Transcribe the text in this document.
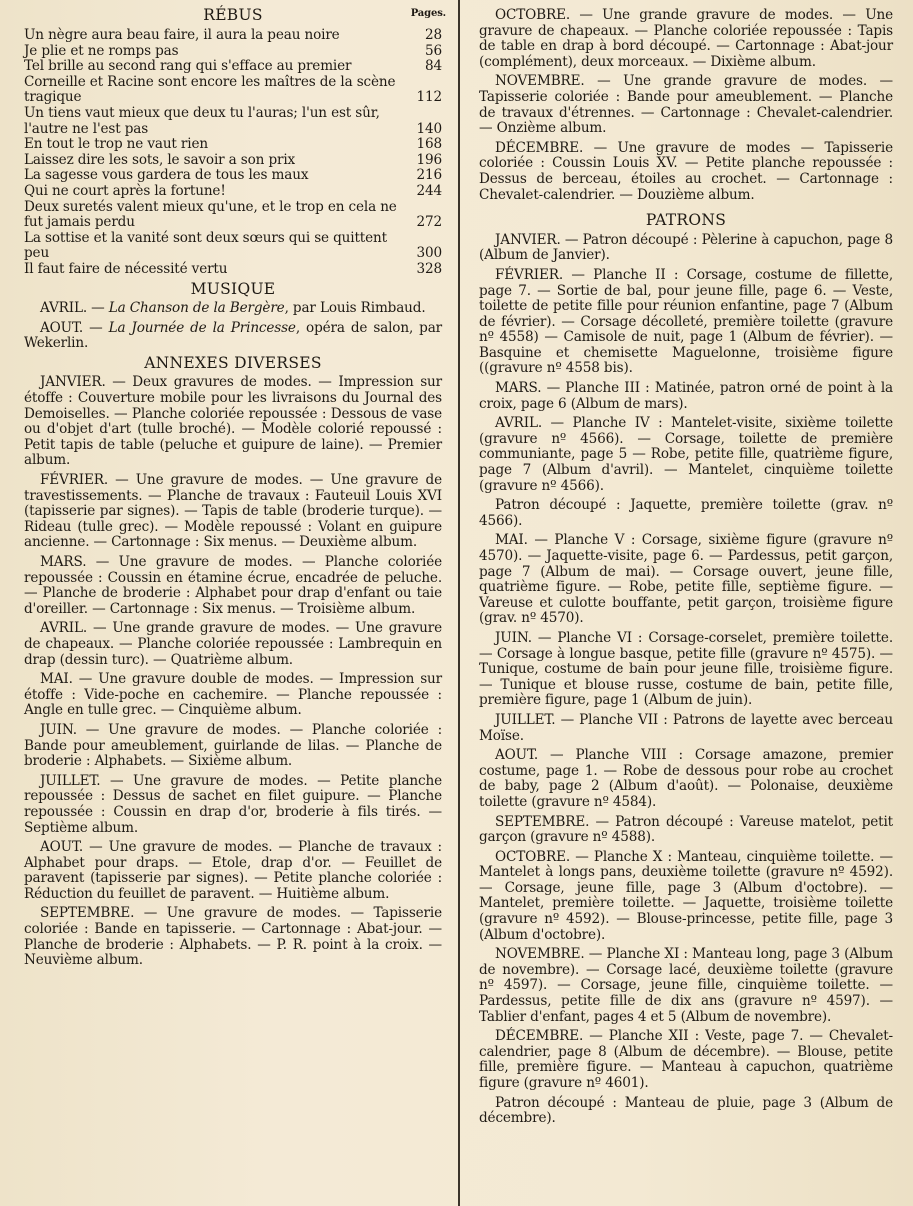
RÉBUS	Pages.
Un nègre aura beau faire, il aura la peau noire	28
Je plie et ne romps pas	56
Tel brille au second rang qui s'efface au premier	84
Corneille et Racine sont encore les maîtres de la scène tragique	112
Un tiens vaut mieux que deux tu l'auras; l'un est sûr, l'autre ne l'est pas	140
En tout le trop ne vaut rien	168
Laissez dire les sots, le savoir a son prix	196
La sagesse vous gardera de tous les maux	216
Qui ne court après la fortune!	244
Deux suretés valent mieux qu'une, et le trop en cela ne fut jamais perdu	272
La sottise et la vanité sont deux sœurs qui se quittent peu	300
Il faut faire de nécessité vertu	328
MUSIQUE

AVRIL. — La Chanson de la Bergère, par Louis Rimbaud.

AOUT. — La Journée de la Princesse, opéra de salon, par Wekerlin.

ANNEXES DIVERSES

JANVIER. — Deux gravures de modes. — Impression sur étoffe : Couverture mobile pour les livraisons du Journal des Demoiselles. — Planche coloriée repoussée : Dessous de vase ou d'objet d'art (tulle broché). — Modèle colorié repoussé : Petit tapis de table (peluche et guipure de laine). — Premier album.

FÉVRIER. — Une gravure de modes. — Une gravure de travestissements. — Planche de travaux : Fauteuil Louis XVI (tapisserie par signes). — Tapis de table (broderie turque). — Rideau (tulle grec). — Modèle repoussé : Volant en guipure ancienne. — Cartonnage : Six menus. — Deuxième album.

MARS. — Une gravure de modes. — Planche coloriée repoussée : Coussin en étamine écrue, encadrée de peluche. — Planche de broderie : Alphabet pour drap d'enfant ou taie d'oreiller. — Cartonnage : Six menus. — Troisième album.

AVRIL. — Une grande gravure de modes. — Une gravure de chapeaux. — Planche coloriée repoussée : Lambrequin en drap (dessin turc). — Quatrième album.

MAI. — Une gravure double de modes. — Impression sur étoffe : Vide-poche en cachemire. — Planche repoussée : Angle en tulle grec. — Cinquième album.

JUIN. — Une gravure de modes. — Planche coloriée : Bande pour ameublement, guirlande de lilas. — Planche de broderie : Alphabets. — Sixième album.

JUILLET. — Une gravure de modes. — Petite planche repoussée : Dessus de sachet en filet guipure. — Planche repoussée : Coussin en drap d'or, broderie à fils tirés. — Septième album.

AOUT. — Une gravure de modes. — Planche de travaux : Alphabet pour draps. — Etole, drap d'or. — Feuillet de paravent (tapisserie par signes). — Petite planche coloriée : Réduction du feuillet de paravent. — Huitième album.

SEPTEMBRE. — Une gravure de modes. — Tapisserie coloriée : Bande en tapisserie. — Cartonnage : Abat-jour. — Planche de broderie : Alphabets. — P. R. point à la croix. — Neuvième album.

OCTOBRE. — Une grande gravure de modes. — Une gravure de chapeaux. — Planche coloriée repoussée : Tapis de table en drap à bord découpé. — Cartonnage : Abat-jour (complément), deux morceaux. — Dixième album.

NOVEMBRE. — Une grande gravure de modes. — Tapisserie coloriée : Bande pour ameublement. — Planche de travaux d'étrennes. — Cartonnage : Chevalet-calendrier. — Onzième album.

DÉCEMBRE. — Une gravure de modes — Tapisserie coloriée : Coussin Louis XV. — Petite planche repoussée : Dessus de berceau, étoiles au crochet. — Cartonnage : Chevalet-calendrier. — Douzième album.

PATRONS

JANVIER. — Patron découpé : Pèlerine à capuchon, page 8 (Album de Janvier).

FÉVRIER. — Planche II : Corsage, costume de fillette, page 7. — Sortie de bal, pour jeune fille, page 6. — Veste, toilette de petite fille pour réunion enfantine, page 7 (Album de février). — Corsage décolleté, première toilette (gravure nº 4558) — Camisole de nuit, page 1 (Album de février). — Basquine et chemisette Maguelonne, troisième figure ((gravure nº 4558 bis).

MARS. — Planche III : Matinée, patron orné de point à la croix, page 6 (Album de mars).

AVRIL. — Planche IV : Mantelet-visite, sixième toilette (gravure nº 4566). — Corsage, toilette de première communiante, page 5 — Robe, petite fille, quatrième figure, page 7 (Album d'avril). — Mantelet, cinquième toilette (gravure nº 4566).

Patron découpé : Jaquette, première toilette (grav. nº 4566).

MAI. — Planche V : Corsage, sixième figure (gravure nº 4570). — Jaquette-visite, page 6. — Pardessus, petit garçon, page 7 (Album de mai). — Corsage ouvert, jeune fille, quatrième figure. — Robe, petite fille, septième figure. — Vareuse et culotte bouffante, petit garçon, troisième figure (grav. nº 4570).

JUIN. — Planche VI : Corsage-corselet, première toilette. — Corsage à longue basque, petite fille (gravure nº 4575). — Tunique, costume de bain pour jeune fille, troisième figure. — Tunique et blouse russe, costume de bain, petite fille, première figure, page 1 (Album de juin).

JUILLET. — Planche VII : Patrons de layette avec berceau Moïse.

AOUT. — Planche VIII : Corsage amazone, premier costume, page 1. — Robe de dessous pour robe au crochet de baby, page 2 (Album d'août). — Polonaise, deuxième toilette (gravure nº 4584).

SEPTEMBRE. — Patron découpé : Vareuse matelot, petit garçon (gravure nº 4588).

OCTOBRE. — Planche X : Manteau, cinquième toilette. — Mantelet à longs pans, deuxième toilette (gravure nº 4592). — Corsage, jeune fille, page 3 (Album d'octobre). — Mantelet, première toilette. — Jaquette, troisième toilette (gravure nº 4592). — Blouse-princesse, petite fille, page 3 (Album d'octobre).

NOVEMBRE. — Planche XI : Manteau long, page 3 (Album de novembre). — Corsage lacé, deuxième toilette (gravure nº 4597). — Corsage, jeune fille, cinquième toilette. — Pardessus, petite fille de dix ans (gravure nº 4597). — Tablier d'enfant, pages 4 et 5 (Album de novembre).

DÉCEMBRE. — Planche XII : Veste, page 7. — Chevalet-calendrier, page 8 (Album de décembre). — Blouse, petite fille, première figure. — Manteau à capuchon, quatrième figure (gravure nº 4601).

Patron découpé : Manteau de pluie, page 3 (Album de décembre).
